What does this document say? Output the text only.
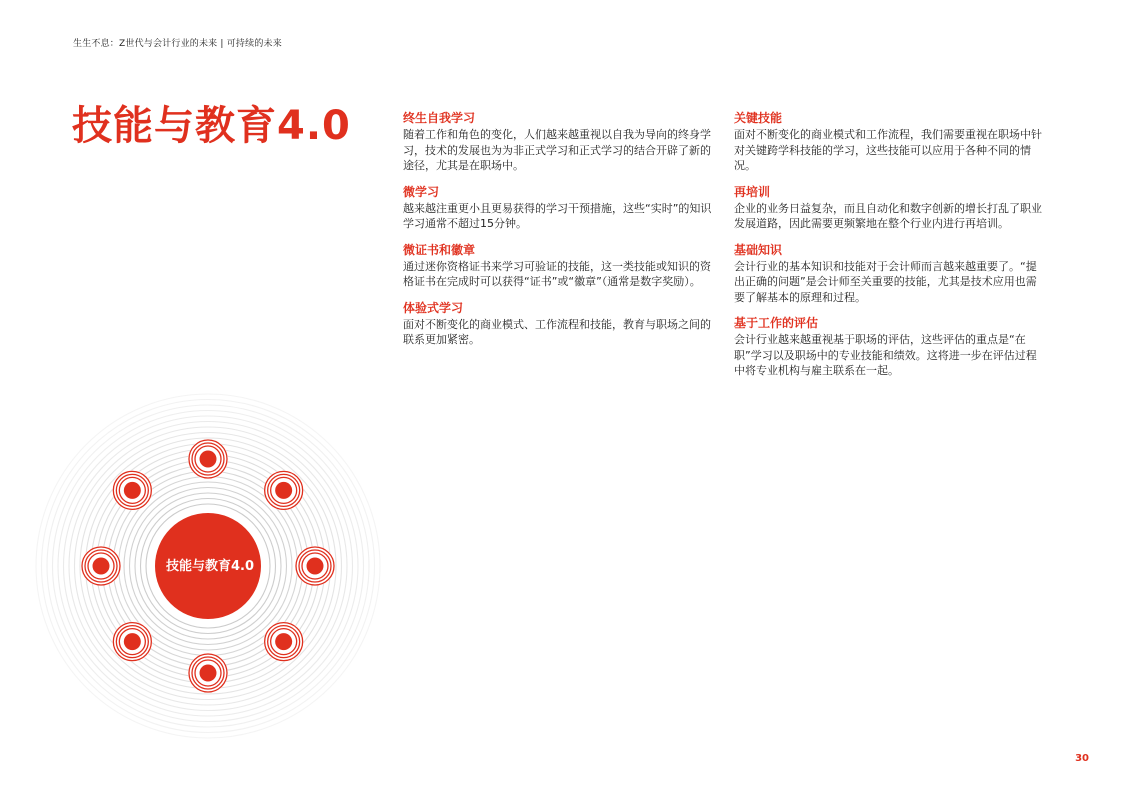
生生不息：Z世代与会计行业的未来 | 可持续的未来
技能与教育4.0	终生自我学习

随着工作和角色的变化，人们越来越重视以自我为导向的终身学习，技术的发展也为为非正式学习和正式学习的结合开辟了新的途径，尤其是在职场中。

微学习

越来越注重更小且更易获得的学习干预措施，这些“实时”的知识学习通常不超过15分钟。

微证书和徽章

通过迷你资格证书来学习可验证的技能，这一类技能或知识的资格证书在完成时可以获得“证书”或“徽章”（通常是数字奖励）。

体验式学习

面对不断变化的商业模式、工作流程和技能，教育与职场之间的联系更加紧密。

关键技能

面对不断变化的商业模式和工作流程，我们需要重视在职场中针对关键跨学科技能的学习，这些技能可以应用于各种不同的情况。

再培训

企业的业务日益复杂，而且自动化和数字创新的增长打乱了职业发展道路，因此需要更频繁地在整个行业内进行再培训。

基础知识

会计行业的基本知识和技能对于会计师而言越来越重要了。“提出正确的问题”是会计师至关重要的技能，尤其是技术应用也需要了解基本的原理和过程。

基于工作的评估

会计行业越来越重视基于职场的评估，这些评估的重点是“在职”学习以及职场中的专业技能和绩效。这将进一步在评估过程中将专业机构与雇主联系在一起。

技能与教育4.0
30
